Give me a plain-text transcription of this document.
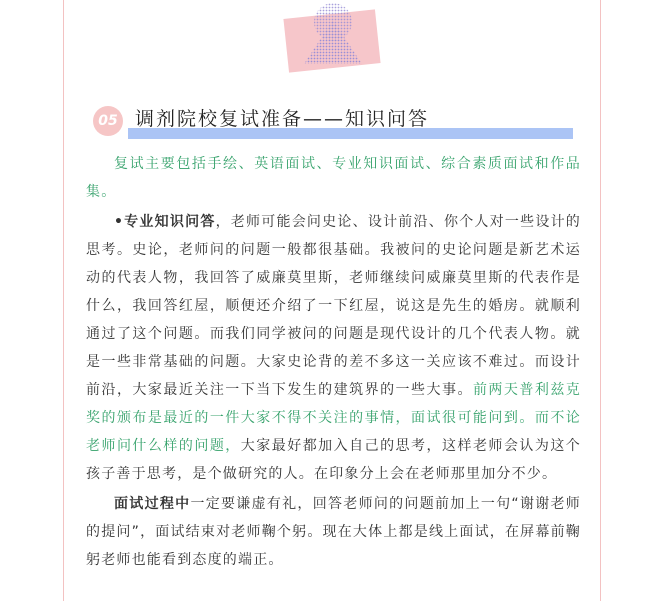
05 调剂院校复试准备——知识问答

复试主要包括手绘、英语面试、专业知识面试、综合素质面试和作品集。

•专业知识问答，老师可能会问史论、设计前沿、你个人对一些设计的思考。史论，老师问的问题一般都很基础。我被问的史论问题是新艺术运动的代表人物，我回答了威廉莫里斯，老师继续问威廉莫里斯的代表作是什么，我回答红屋，顺便还介绍了一下红屋，说这是先生的婚房。就顺利通过了这个问题。而我们同学被问的问题是现代设计的几个代表人物。就是一些非常基础的问题。大家史论背的差不多这一关应该不难过。而设计前沿，大家最近关注一下当下发生的建筑界的一些大事。前两天普利兹克奖的颁布是最近的一件大家不得不关注的事情，面试很可能问到。而不论老师问什么样的问题，大家最好都加入自己的思考，这样老师会认为这个孩子善于思考，是个做研究的人。在印象分上会在老师那里加分不少。

面试过程中一定要谦虚有礼，回答老师问的问题前加上一句“谢谢老师的提问”，面试结束对老师鞠个躬。现在大体上都是线上面试，在屏幕前鞠躬老师也能看到态度的端正。
